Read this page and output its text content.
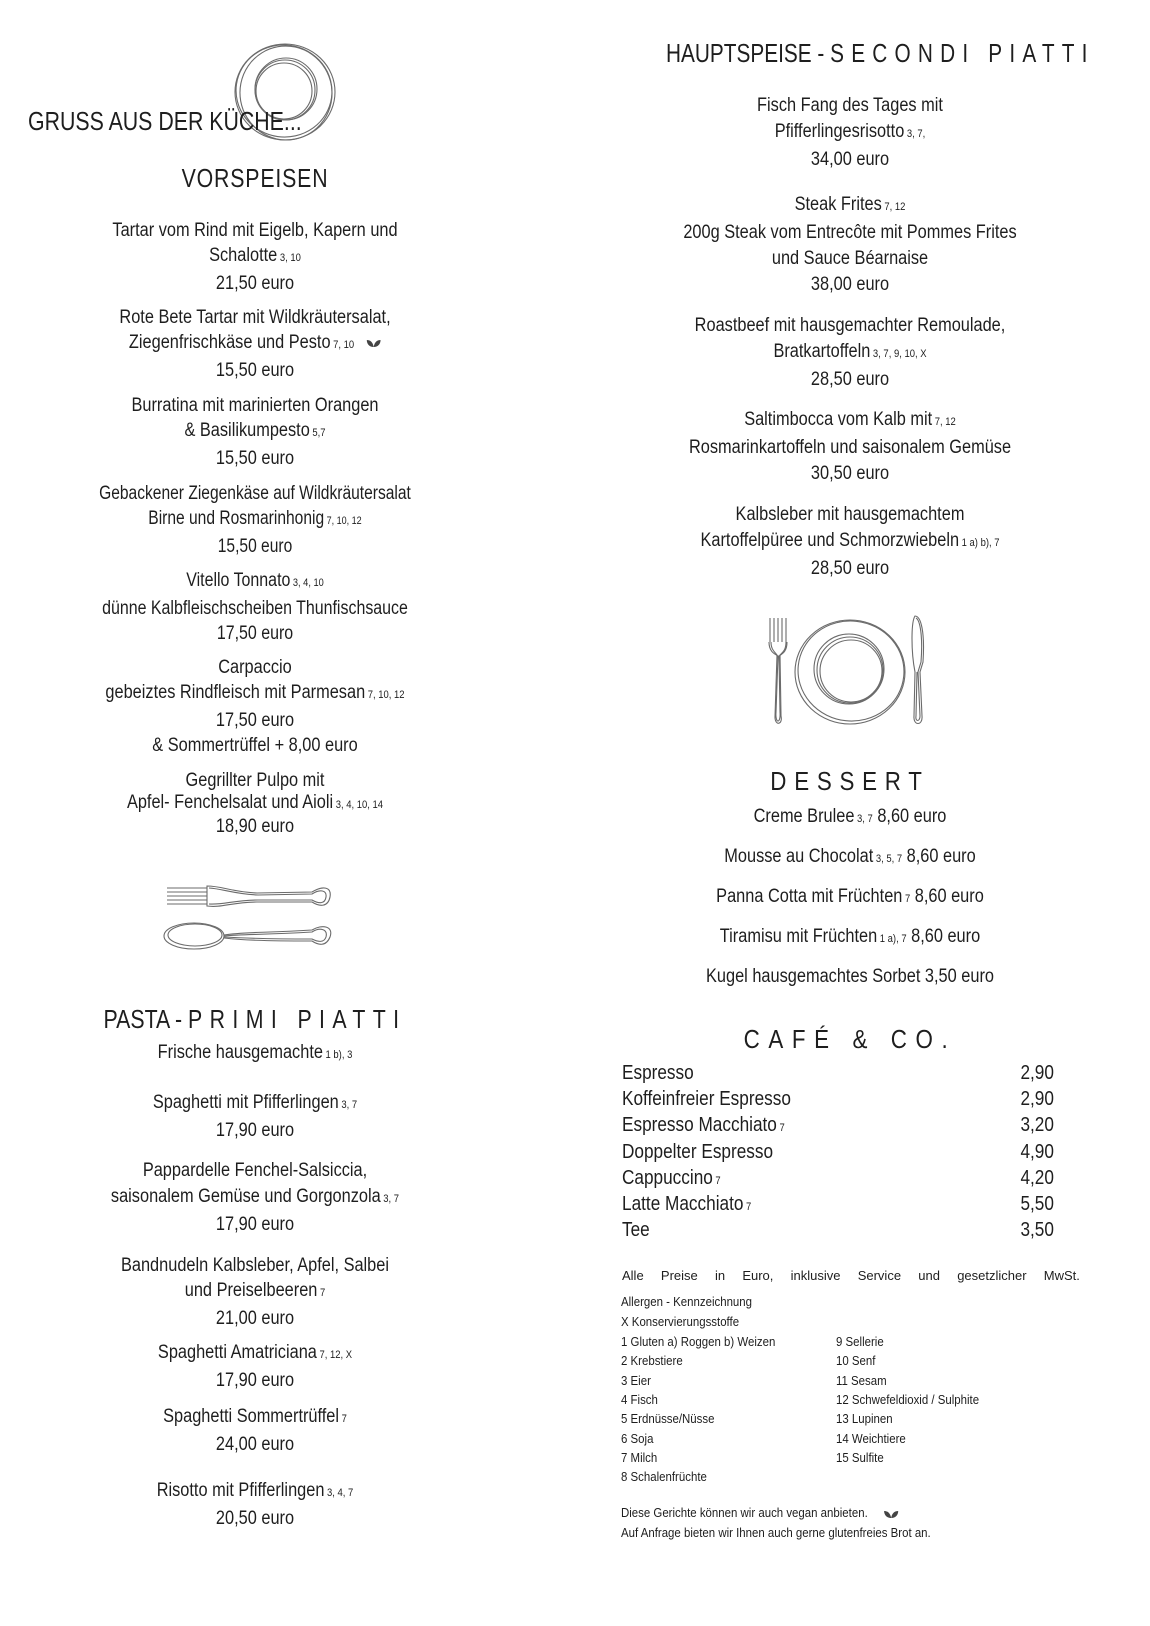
GRUSS AUS DER KÜCHE...
VORSPEISEN
Tartar vom Rind mit Eigelb, Kapern und
Schalotte 3, 10
21,50 euro
Rote Bete Tartar mit Wildkräutersalat,
Ziegenfrischkäse und Pesto 7, 10
15,50 euro
Burratina mit marinierten Orangen
& Basilikumpesto 5,7
15,50 euro
Gebackener Ziegenkäse auf Wildkräutersalat
Birne und Rosmarinhonig 7, 10, 12
15,50 euro
Vitello Tonnato 3, 4, 10
dünne Kalbfleischscheiben Thunfischsauce
17,50 euro
Carpaccio
gebeiztes Rindfleisch mit Parmesan 7, 10, 12
17,50 euro
& Sommertrüffel + 8,00 euro
Gegrillter Pulpo mit
Apfel- Fenchelsalat und Aioli 3, 4, 10, 14
18,90 euro
PASTA - PRIMI PIATTI
Frische hausgemachte 1 b), 3
Spaghetti mit Pfifferlingen 3, 7
17,90 euro
Pappardelle Fenchel-Salsiccia,
saisonalem Gemüse und Gorgonzola 3, 7
17,90 euro
Bandnudeln Kalbsleber, Apfel, Salbei
und Preiselbeeren 7
21,00 euro
Spaghetti Amatriciana 7, 12, X
17,90 euro
Spaghetti Sommertrüffel 7
24,00 euro
Risotto mit Pfifferlingen 3, 4, 7
20,50 euro
HAUPTSPEISE - SECONDI PIATTI
Fisch Fang des Tages mit
Pfifferlingesrisotto 3, 7,
34,00 euro
Steak Frites 7, 12
200g Steak vom Entrecôte mit Pommes Frites
und Sauce Béarnaise
38,00 euro
Roastbeef mit hausgemachter Remoulade,
Bratkartoffeln 3, 7, 9, 10, X
28,50 euro
Saltimbocca vom Kalb mit 7, 12
Rosmarinkartoffeln und saisonalem Gemüse
30,50 euro
Kalbsleber mit hausgemachtem
Kartoffelpüree und Schmorzwiebeln 1 a) b), 7
28,50 euro
DESSERT
Creme Brulee 3, 7 8,60 euro
Mousse au Chocolat 3, 5, 7 8,60 euro
Panna Cotta mit Früchten 7 8,60 euro
Tiramisu mit Früchten 1 a), 7 8,60 euro
Kugel hausgemachtes Sorbet 3,50 euro
CAFÉ & CO.
Espresso	2,90
Koffeinfreier Espresso	2,90
Espresso Macchiato 7	3,20
Doppelter Espresso	4,90
Cappuccino 7	4,20
Latte Macchiato 7	5,50
Tee	3,50
Alle Preise in Euro, inklusive Service und gesetzlicher MwSt.
Allergen - Kennzeichnung
X Konservierungsstoffe
1 Gluten a) Roggen b) Weizen
2 Krebstiere
3 Eier
4 Fisch
5 Erdnüsse/Nüsse
6 Soja
7 Milch
8 Schalenfrüchte
9 Sellerie
10 Senf
11 Sesam
12 Schwefeldioxid / Sulphite
13 Lupinen
14 Weichtiere
15 Sulfite
Diese Gerichte können wir auch vegan anbieten.
Auf Anfrage bieten wir Ihnen auch gerne glutenfreies Brot an.
